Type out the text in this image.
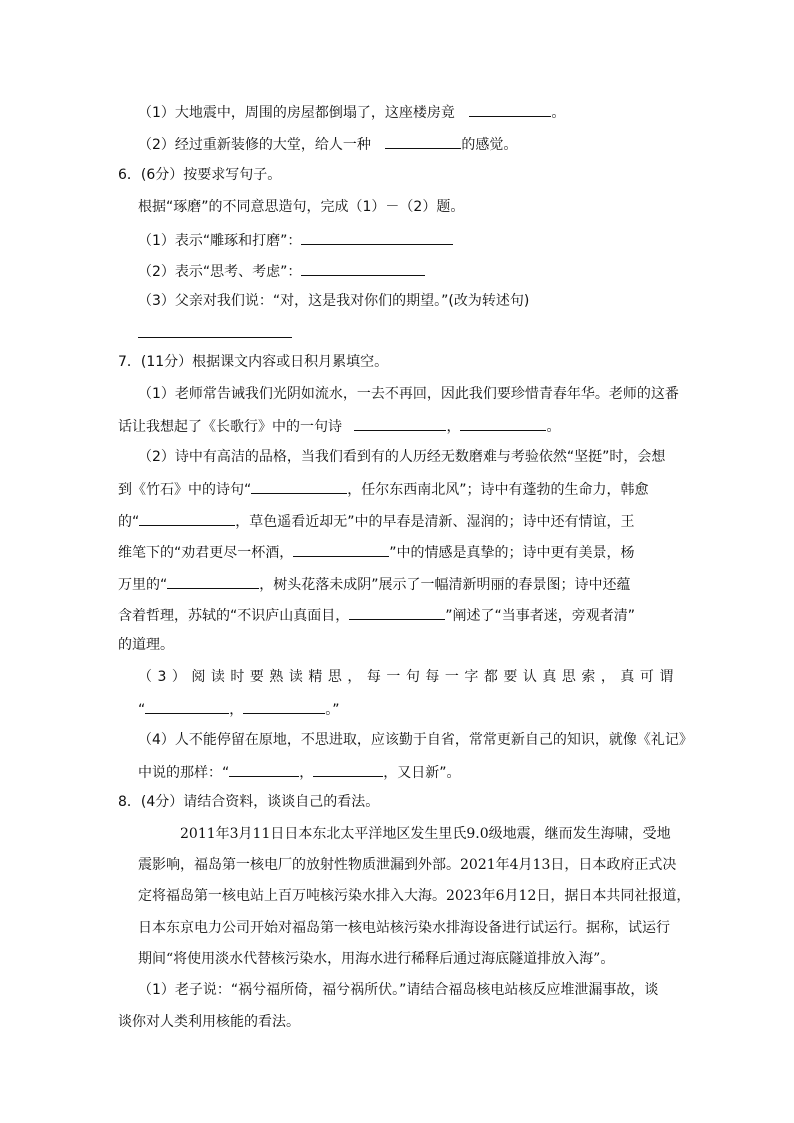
（1）大地震中，周围的房屋都倒塌了，这座楼房竟	。
（2）经过重新装修的大堂，给人一种	的感觉。
6．(6分）按要求写句子。
根据“琢磨”的不同意思造句，完成（1）－（2）题。
（1）表示“雕琢和打磨”：
（2）表示“思考、考虑”：
（3）父亲对我们说：“对，这是我对你们的期望。”(改为转述句)
7．(11分）根据课文内容或日积月累填空。
（1）老师常告诫我们光阴如流水，一去不再回，因此我们要珍惜青春年华。老师的这番
话让我想起了《长歌行》中的一句诗	，	。
（2）诗中有高洁的品格，当我们看到有的人历经无数磨难与考验依然“坚挺”时，会想
到《竹石》中的诗句“	，任尔东西南北风”；诗中有蓬勃的生命力，韩愈
的“	，草色遥看近却无”中的早春是清新、湿润的；诗中还有情谊，王
维笔下的“劝君更尽一杯酒，	”中的情感是真挚的；诗中更有美景，杨
万里的“	，树头花落未成阴”展示了一幅清新明丽的春景图；诗中还蕴
含着哲理，苏轼的“不识庐山真面目，	”阐述了“当事者迷，旁观者清”
的道理。
（3）阅读时要熟读精思，每一句每一字都要认真思索，真可谓
“	，	。”
（4）人不能停留在原地，不思进取，应该勤于自省，常常更新自己的知识，就像《礼记》
中说的那样：“	，	，又日新”。
8．(4分）请结合资料，谈谈自己的看法。
2011年3月11日日本东北太平洋地区发生里氏9.0级地震，继而发生海啸，受地
震影响，福岛第一核电厂的放射性物质泄漏到外部。2021年4月13日，日本政府正式决
定将福岛第一核电站上百万吨核污染水排入大海。2023年6月12日，据日本共同社报道，
日本东京电力公司开始对福岛第一核电站核污染水排海设备进行试运行。据称，试运行
期间“将使用淡水代替核污染水，用海水进行稀释后通过海底隧道排放入海”。
（1）老子说：“祸兮福所倚，福兮祸所伏。”请结合福岛核电站核反应堆泄漏事故，谈
谈你对人类利用核能的看法。
